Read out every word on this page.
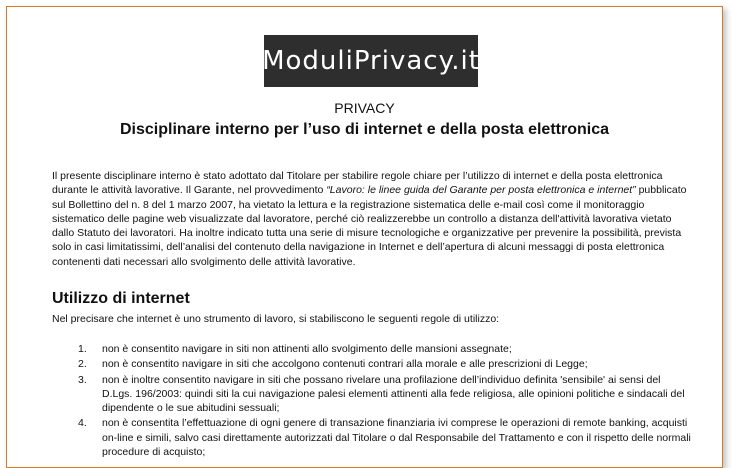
ModuliPrivacy.it
PRIVACY
Disciplinare interno per l’uso di internet e della posta elettronica

Il presente disciplinare interno è stato adottato dal Titolare per stabilire regole chiare per l’utilizzo di internet e della posta elettronica durante le attività lavorative. Il Garante, nel provvedimento “Lavoro: le linee guida del Garante per posta elettronica e internet” pubblicato sul Bollettino del n. 8 del 1 marzo 2007, ha vietato la lettura e la registrazione sistematica delle e-mail così come il monitoraggio sistematico delle pagine web visualizzate dal lavoratore, perché ciò realizzerebbe un controllo a distanza dell'attività lavorativa vietato dallo Statuto dei lavoratori. Ha inoltre indicato tutta una serie di misure tecnologiche e organizzative per prevenire la possibilità, prevista solo in casi limitatissimi, dell’analisi del contenuto della navigazione in Internet e dell’apertura di alcuni messaggi di posta elettronica contenenti dati necessari allo svolgimento delle attività lavorative.

Utilizzo di internet
Nel precisare che internet è uno strumento di lavoro, si stabiliscono le seguenti regole di utilizzo:
1.	non è consentito navigare in siti non attinenti allo svolgimento delle mansioni assegnate;
2.	non è consentito navigare in siti che accolgono contenuti contrari alla morale e alle prescrizioni di Legge;
3.	non è inoltre consentito navigare in siti che possano rivelare una profilazione dell’individuo definita 'sensibile' ai sensi del D.Lgs. 196/2003: quindi siti la cui navigazione palesi elementi attinenti alla fede religiosa, alle opinioni politiche e sindacali del dipendente o le sue abitudini sessuali;
4.	non è consentita l’effettuazione di ogni genere di transazione finanziaria ivi comprese le operazioni di remote banking, acquisti on-line e simili, salvo casi direttamente autorizzati dal Titolare o dal Responsabile del Trattamento e con il rispetto delle normali procedure di acquisto;
